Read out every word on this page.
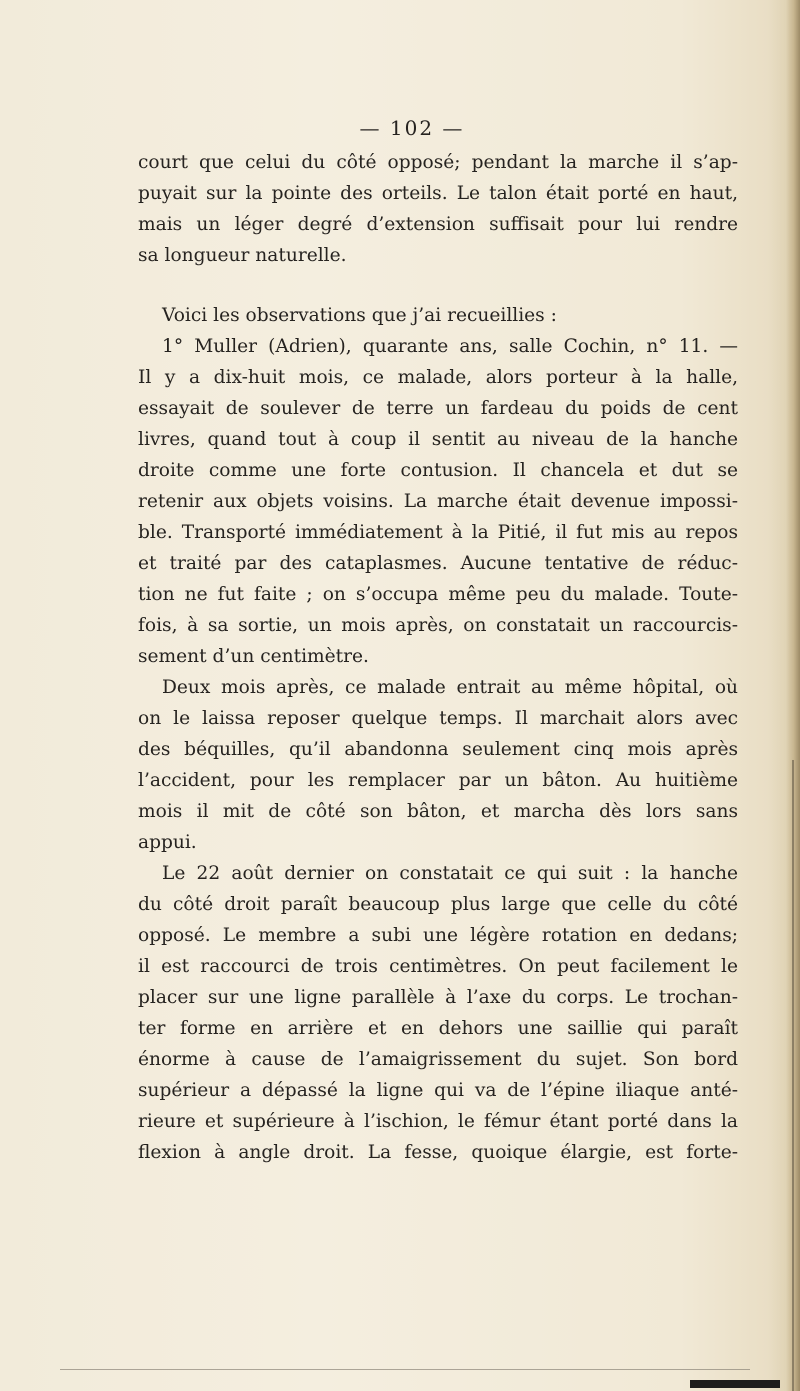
— 102 —
court que celui du côté opposé; pendant la marche il s’ap-
puyait sur la pointe des orteils. Le talon était porté en haut,
mais un léger degré d’extension suffisait pour lui rendre
sa longueur naturelle.
Voici les observations que j’ai recueillies :
1° Muller (Adrien), quarante ans, salle Cochin, n° 11. —
Il y a dix-huit mois, ce malade, alors porteur à la halle,
essayait de soulever de terre un fardeau du poids de cent
livres, quand tout à coup il sentit au niveau de la hanche
droite comme une forte contusion. Il chancela et dut se
retenir aux objets voisins. La marche était devenue impossi-
ble. Transporté immédiatement à la Pitié, il fut mis au repos
et traité par des cataplasmes. Aucune tentative de réduc-
tion ne fut faite ; on s’occupa même peu du malade. Toute-
fois, à sa sortie, un mois après, on constatait un raccourcis-
sement d’un centimètre.
Deux mois après, ce malade entrait au même hôpital, où
on le laissa reposer quelque temps. Il marchait alors avec
des béquilles, qu’il abandonna seulement cinq mois après
l’accident, pour les remplacer par un bâton. Au huitième
mois il mit de côté son bâton, et marcha dès lors sans
appui.
Le 22 août dernier on constatait ce qui suit : la hanche
du côté droit paraît beaucoup plus large que celle du côté
opposé. Le membre a subi une légère rotation en dedans;
il est raccourci de trois centimètres. On peut facilement le
placer sur une ligne parallèle à l’axe du corps. Le trochan-
ter forme en arrière et en dehors une saillie qui paraît
énorme à cause de l’amaigrissement du sujet. Son bord
supérieur a dépassé la ligne qui va de l’épine iliaque anté-
rieure et supérieure à l’ischion, le fémur étant porté dans la
flexion à angle droit. La fesse, quoique élargie, est forte-
